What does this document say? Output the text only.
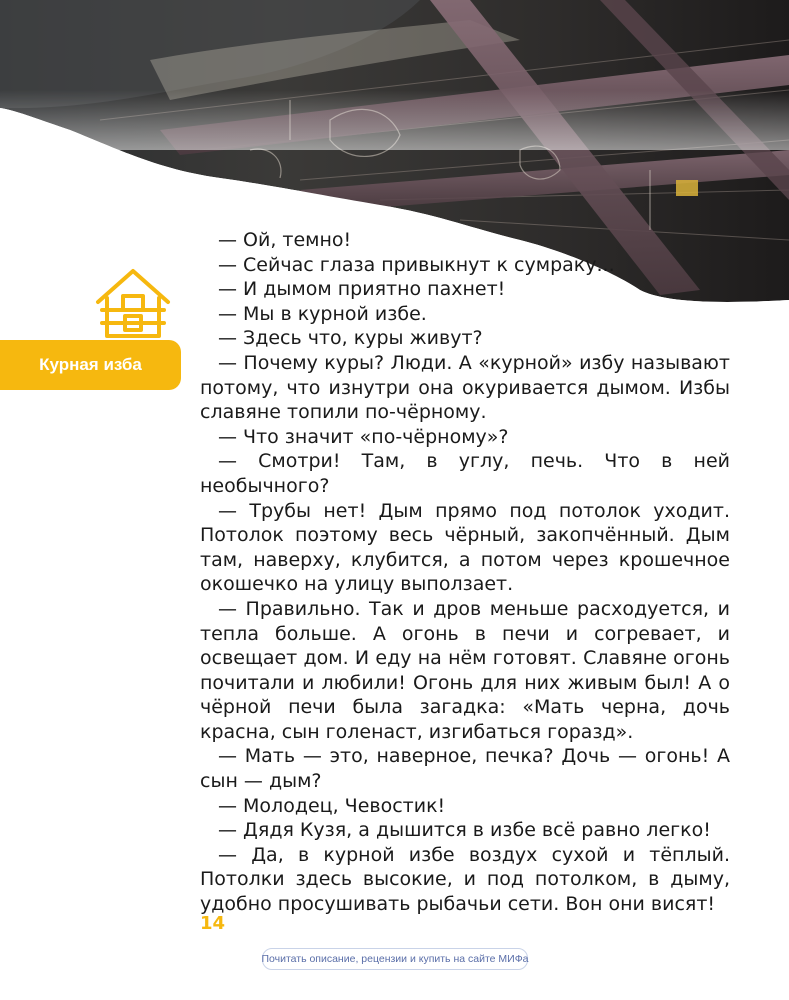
Курная изба

— Ой, темно!

— Сейчас глаза привыкнут к сумраку...

— И дымом приятно пахнет!

— Мы в курной избе.

— Здесь что, куры живут?

— Почему куры? Люди. А «курной» избу называют потому, что изнутри она окуривается дымом. Избы славяне топили по-чёрному.

— Что значит «по-чёрному»?

— Смотри! Там, в углу, печь. Что в ней необычного?

— Трубы нет! Дым прямо под потолок уходит. Потолок поэтому весь чёрный, закопчённый. Дым там, наверху, клубится, а потом через крошечное окошечко на улицу выползает.

— Правильно. Так и дров меньше расходуется, и тепла больше. А огонь в печи и согревает, и освещает дом. И еду на нём готовят. Славяне огонь почитали и любили! Огонь для них живым был! А о чёрной печи была загадка: «Мать черна, дочь красна, сын голенаст, изгибаться горазд».

— Мать — это, наверное, печка? Дочь — огонь! А сын — дым?

— Молодец, Чевостик!

— Дядя Кузя, а дышится в избе всё равно легко!

— Да, в курной избе воздух сухой и тёплый. Потолки здесь высокие, и под потолком, в дыму, удобно просушивать рыбачьи сети. Вон они висят!

14
Почитать описание, рецензии и купить на сайте МИФа
